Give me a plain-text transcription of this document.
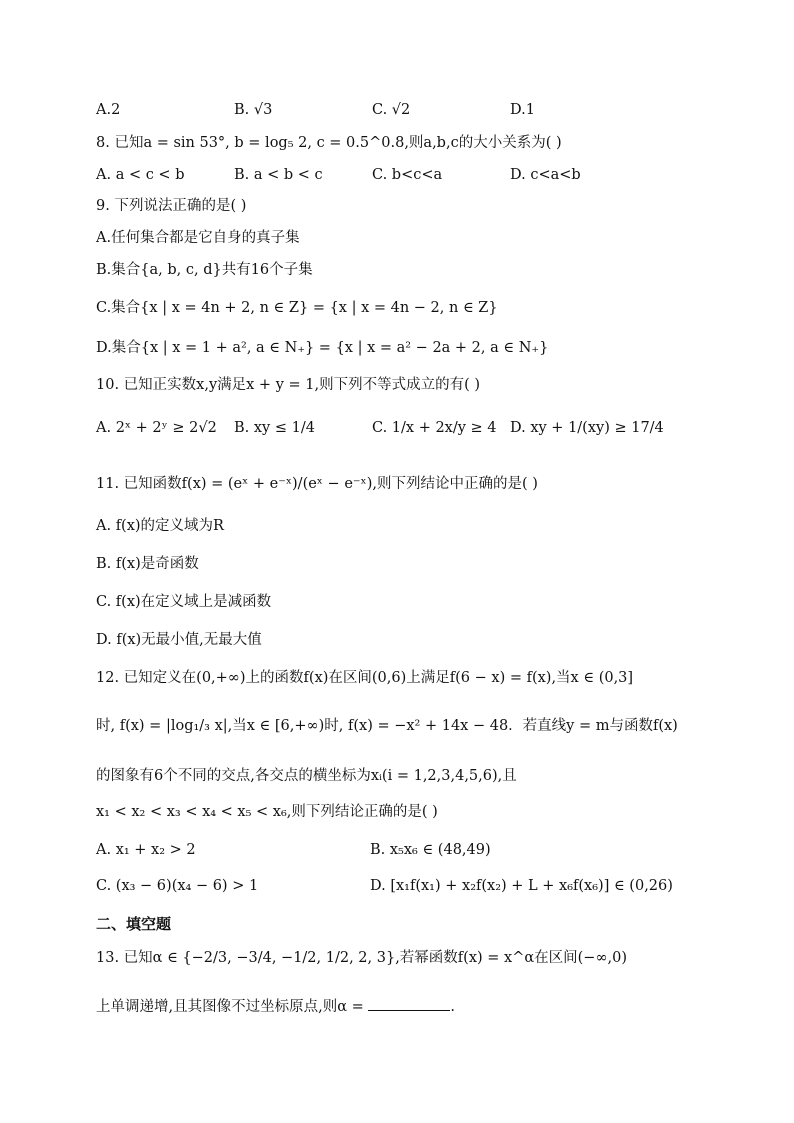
A.2	B. √3	C. √2	D.1
8. 已知a = sin 53°, b = log₅ 2, c = 0.5^0.8,则a,b,c的大小关系为( )
A. a < c < b	B. a < b < c	C. b<c<a	D. c<a<b
9. 下列说法正确的是( )
A.任何集合都是它自身的真子集
B.集合{a, b, c, d}共有16个子集
C.集合{x | x = 4n + 2, n ∈ Z} = {x | x = 4n − 2, n ∈ Z}
D.集合{x | x = 1 + a², a ∈ N₊} = {x | x = a² − 2a + 2, a ∈ N₊}
10. 已知正实数x,y满足x + y = 1,则下列不等式成立的有( )
A. 2ˣ + 2ʸ ≥ 2√2 B. xy ≤ 1/4	C. 1/x + 2x/y ≥ 4 D. xy + 1/(xy) ≥ 17/4
11. 已知函数f(x) = (eˣ + e⁻ˣ)/(eˣ − e⁻ˣ),则下列结论中正确的是( )
A. f(x)的定义域为R
B. f(x)是奇函数
C. f(x)在定义域上是减函数
D. f(x)无最小值,无最大值
12. 已知定义在(0,+∞)上的函数f(x)在区间(0,6)上满足f(6 − x) = f(x),当x ∈ (0,3]
时, f(x) = |log₁/₃ x|,当x ∈ [6,+∞)时, f(x) = −x² + 14x − 48．若直线y = m与函数f(x)
的图象有6个不同的交点,各交点的横坐标为xᵢ(i = 1,2,3,4,5,6),且
x₁ < x₂ < x₃ < x₄ < x₅ < x₆,则下列结论正确的是( )
A. x₁ + x₂ > 2	B. x₅x₆ ∈ (48,49)
C. (x₃ − 6)(x₄ − 6) > 1	D. [x₁f(x₁) + x₂f(x₂) + L + x₆f(x₆)] ∈ (0,26)
二、填空题
13. 已知α ∈ {−2/3, −3/4, −1/2, 1/2, 2, 3},若幂函数f(x) = x^α在区间(−∞,0)
上单调递增,且其图像不过坐标原点,则α =	.
